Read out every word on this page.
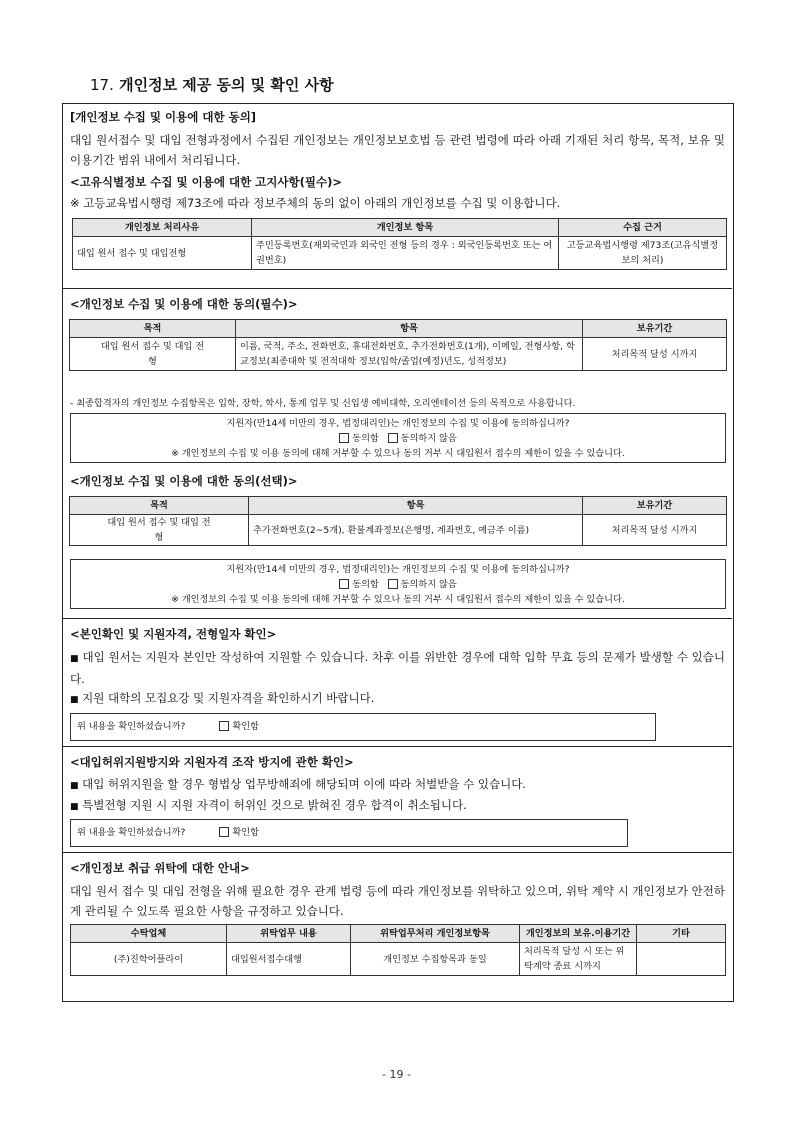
17. 개인정보 제공 동의 및 확인 사항
[개인정보 수집 및 이용에 대한 동의]
대입 원서접수 및 대입 전형과정에서 수집된 개인정보는 개인정보보호법 등 관련 법령에 따라 아래 기재된 처리 항목, 목적, 보유 및 이용기간 범위 내에서 처리됩니다.
<고유식별정보 수집 및 이용에 대한 고지사항(필수)>
※ 고등교육법시행령 제73조에 따라 정보주체의 동의 없이 아래의 개인정보를 수집 및 이용합니다.
개인정보 처리사유	개인정보 항목	수집 근거
대입 원서 접수 및 대입전형	주민등록번호(재외국민과 외국인 전형 등의 경우 : 외국인등록번호 또는 여권번호)	고등교육법시행령 제73조(고유식별정보의 처리)
<개인정보 수집 및 이용에 대한 동의(필수)>
목적	항목	보유기간
대입 원서 접수 및 대입 전형	이름, 국적, 주소, 전화번호, 휴대전화번호, 추가전화번호(1개), 이메일, 전형사항, 학교정보(최종대학 및 전적대학 정보(입학/졸업(예정)년도, 성적정보)	처리목적 달성 시까지
- 최종합격자의 개인정보 수집항목은 입학, 장학, 학사, 통계 업무 및 신입생 예비대학, 오리엔테이션 등의 목적으로 사용합니다.
지원자(만14세 미만의 경우, 법정대리인)는 개인정보의 수집 및 이용에 동의하십니까?
동의함 동의하지 않음
※ 개인정보의 수집 및 이용 동의에 대해 거부할 수 있으나 동의 거부 시 대입원서 접수의 제한이 있을 수 있습니다.
<개인정보 수집 및 이용에 대한 동의(선택)>
목적	항목	보유기간
대입 원서 접수 및 대입 전형	추가전화번호(2~5개), 환불계좌정보(은행명, 계좌번호, 예금주 이름)	처리목적 달성 시까지
지원자(만14세 미만의 경우, 법정대리인)는 개인정보의 수집 및 이용에 동의하십니까?
동의함 동의하지 않음
※ 개인정보의 수집 및 이용 동의에 대해 거부할 수 있으나 동의 거부 시 대입원서 접수의 제한이 있을 수 있습니다.
<본인확인 및 지원자격, 전형일자 확인>
■ 대입 원서는 지원자 본인만 작성하여 지원할 수 있습니다. 차후 이를 위반한 경우에 대학 입학 무효 등의 문제가 발생할 수 있습니다.
■ 지원 대학의 모집요강 및 지원자격을 확인하시기 바랍니다.
위 내용을 확인하셨습니까?	확인함
<대입허위지원방지와 지원자격 조작 방지에 관한 확인>
■ 대입 허위지원을 할 경우 형법상 업무방해죄에 해당되며 이에 따라 처벌받을 수 있습니다.
■ 특별전형 지원 시 지원 자격이 허위인 것으로 밝혀진 경우 합격이 취소됩니다.
위 내용을 확인하셨습니까?	확인함
<개인정보 취급 위탁에 대한 안내>
대입 원서 접수 및 대입 전형을 위해 필요한 경우 관계 법령 등에 따라 개인정보를 위탁하고 있으며, 위탁 계약 시 개인정보가 안전하게 관리될 수 있도록 필요한 사항을 규정하고 있습니다.
수탁업체	위탁업무 내용	위탁업무처리 개인정보항목	개인정보의 보유.이용기간	기타
(주)진학어플라이	대입원서접수대행	개인정보 수집항목과 동일	처리목적 달성 시 또는 위탁계약 종료 시까지	
- 19 -
